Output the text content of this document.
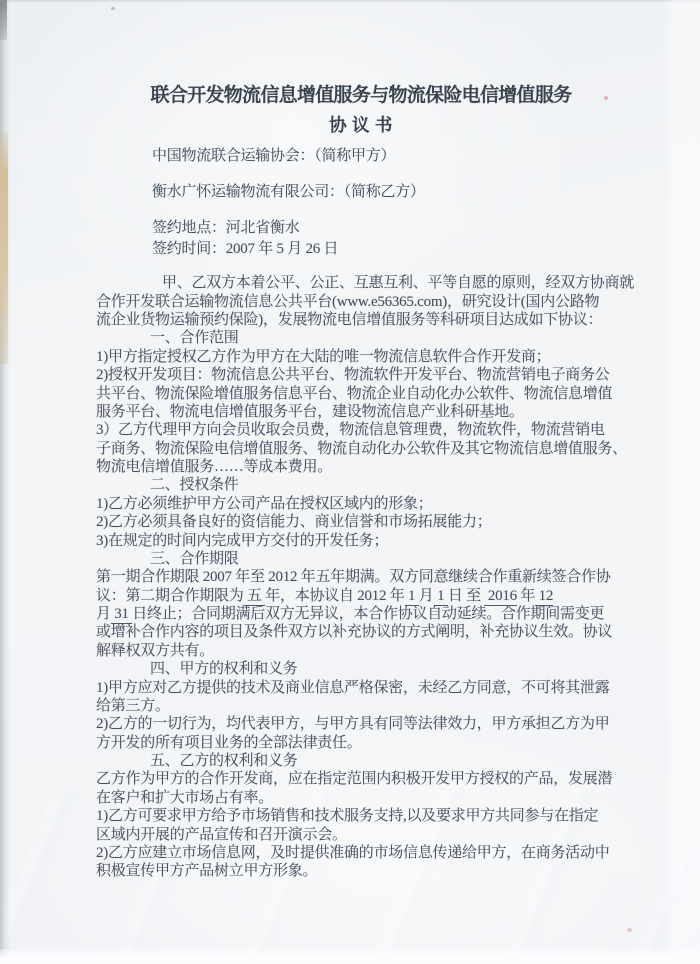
联合开发物流信息增值服务与物流保险电信增值服务
协 议 书
中国物流联合运输协会：（简称甲方）
衡水广怀运输物流有限公司：（简称乙方）
签约地点：河北省衡水
签约时间：2007 年 5 月 26 日
甲、乙双方本着公平、公正、互惠互利、平等自愿的原则，经双方协商就
合作开发联合运输物流信息公共平台(www.e56365.com)，研究设计(国内公路物
流企业货物运输预约保险)，发展物流电信增值服务等科研项目达成如下协议：
一、合作范围
1)甲方指定授权乙方作为甲方在大陆的唯一物流信息软件合作开发商；
2)授权开发项目：物流信息公共平台、物流软件开发平台、物流营销电子商务公
共平台、物流保险增值服务信息平台、物流企业自动化办公软件、物流信息增值
服务平台、物流电信增值服务平台，建设物流信息产业科研基地。
3）乙方代理甲方向会员收取会员费，物流信息管理费，物流软件，物流营销电
子商务、物流保险电信增值服务、物流自动化办公软件及其它物流信息增值服务、
物流电信增值服务……等成本费用。
二、授权条件
1)乙方必须维护甲方公司产品在授权区域内的形象；
2)乙方必须具备良好的资信能力、商业信誉和市场拓展能力；
3)在规定的时间内完成甲方交付的开发任务；
三、合作期限
第一期合作期限 2007 年至 2012 年五年期满。双方同意继续合作重新续签合作协
议：第二期合作期限为 五 年，本协议自 2012 年 1 月 1 日 至  2016 年 12
月 31 日终止；合同期满后双方无异议，本合作协议自动延续。合作期间需变更
或增补合作内容的项目及条件双方以补充协议的方式阐明，补充协议生效。协议
解释权双方共有。
四、甲方的权利和义务
1)甲方应对乙方提供的技术及商业信息严格保密，未经乙方同意，不可将其泄露
给第三方。
2)乙方的一切行为，均代表甲方，与甲方具有同等法律效力，甲方承担乙方为甲
方开发的所有项目业务的全部法律责任。
五、乙方的权利和义务
乙方作为甲方的合作开发商，应在指定范围内积极开发甲方授权的产品，发展潜
在客户和扩大市场占有率。
1)乙方可要求甲方给予市场销售和技术服务支持,以及要求甲方共同参与在指定
区域内开展的产品宣传和召开演示会。
2)乙方应建立市场信息网，及时提供准确的市场信息传递给甲方，在商务活动中
积极宣传甲方产品树立甲方形象。
